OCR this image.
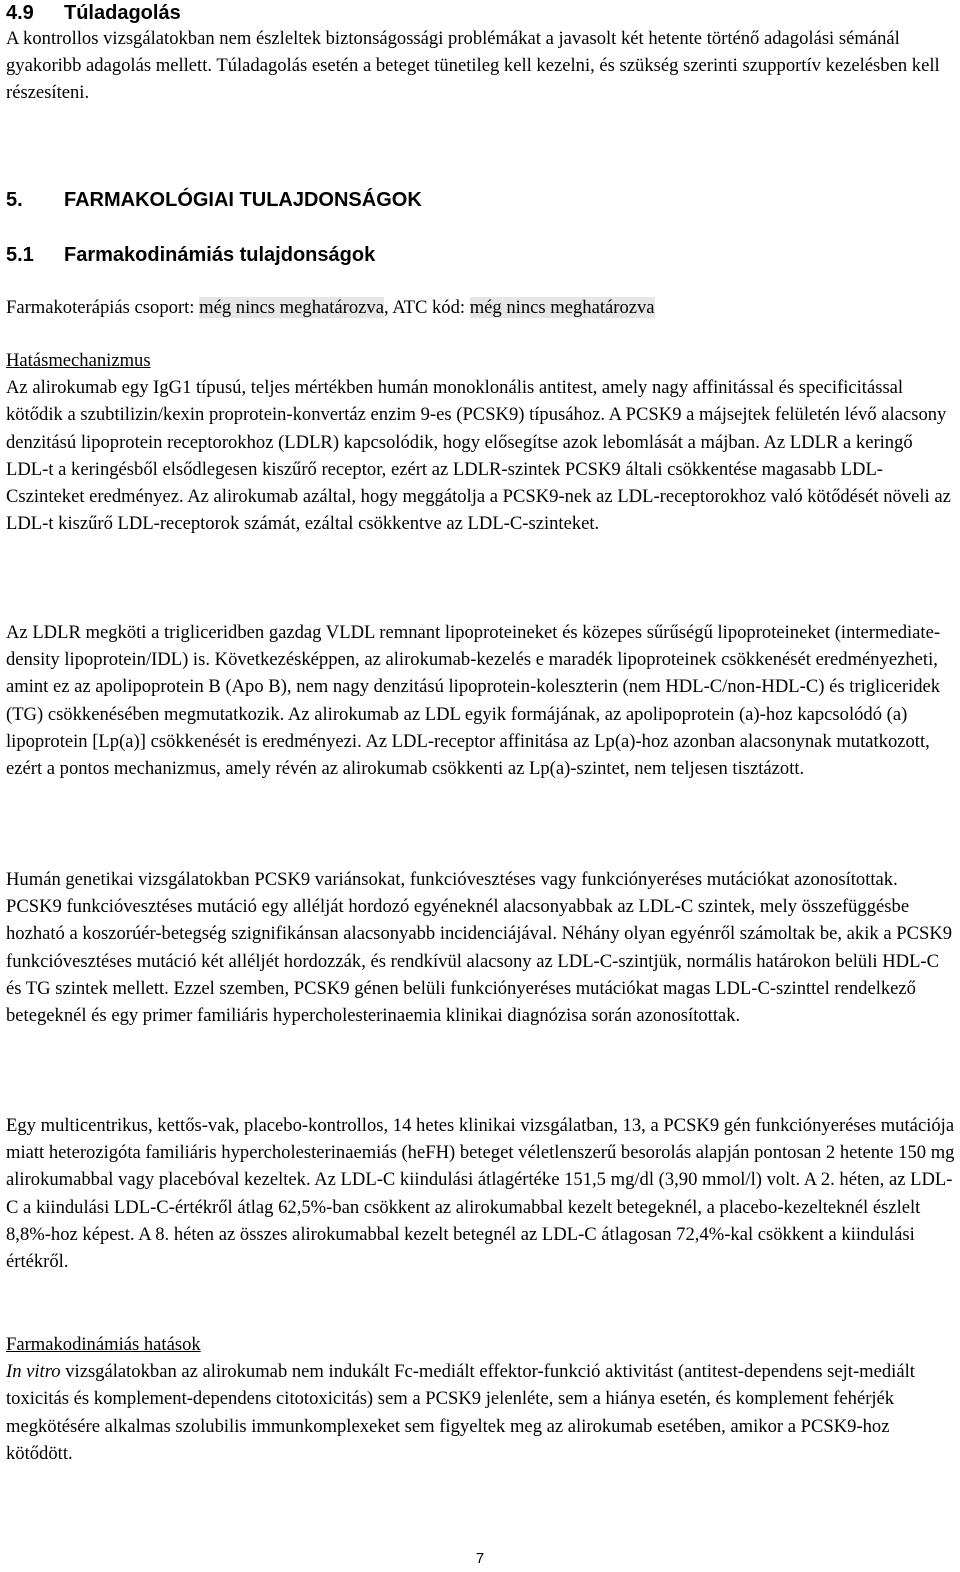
4.9 Túladagolás

A kontrollos vizsgálatokban nem észleltek biztonságossági problémákat a javasolt két hetente történő adagolási sémánál gyakoribb adagolás mellett. Túladagolás esetén a beteget tünetileg kell kezelni, és szükség szerinti szupportív kezelésben kell részesíteni.

5. FARMAKOLÓGIAI TULAJDONSÁGOK
5.1 Farmakodinámiás tulajdonságok

Farmakoterápiás csoport: még nincs meghatározva, ATC kód: még nincs meghatározva

Hatásmechanizmus

Az alirokumab egy IgG1 típusú, teljes mértékben humán monoklonális antitest, amely nagy affinitással és specificitással kötődik a szubtilizin/kexin proprotein-konvertáz enzim 9-es (PCSK9) típusához. A PCSK9 a májsejtek felületén lévő alacsony denzitású lipoprotein receptorokhoz (LDLR) kapcsolódik, hogy elősegítse azok lebomlását a májban. Az LDLR a keringő LDL-t a keringésből elsődlegesen kiszűrő receptor, ezért az LDLR-szintek PCSK9 általi csökkentése magasabb LDL-Cszinteket eredményez. Az alirokumab azáltal, hogy meggátolja a PCSK9-nek az LDL-receptorokhoz való kötődését növeli az LDL-t kiszűrő LDL-receptorok számát, ezáltal csökkentve az LDL-C-szinteket.

Az LDLR megköti a trigliceridben gazdag VLDL remnant lipoproteineket és közepes sűrűségű lipoproteineket (intermediate-density lipoprotein/IDL) is. Következésképpen, az alirokumab-kezelés e maradék lipoproteinek csökkenését eredményezheti, amint ez az apolipoprotein B (Apo B), nem nagy denzitású lipoprotein-koleszterin (nem HDL-C/non-HDL-C) és trigliceridek (TG) csökkenésében megmutatkozik. Az alirokumab az LDL egyik formájának, az apolipoprotein (a)-hoz kapcsolódó (a) lipoprotein [Lp(a)] csökkenését is eredményezi. Az LDL-receptor affinitása az Lp(a)-hoz azonban alacsonynak mutatkozott, ezért a pontos mechanizmus, amely révén az alirokumab csökkenti az Lp(a)-szintet, nem teljesen tisztázott.

Humán genetikai vizsgálatokban PCSK9 variánsokat, funkcióvesztéses vagy funkciónyeréses mutációkat azonosítottak. PCSK9 funkcióvesztéses mutáció egy allélját hordozó egyéneknél alacsonyabbak az LDL-C szintek, mely összefüggésbe hozható a koszorúér-betegség szignifikánsan alacsonyabb incidenciájával. Néhány olyan egyénről számoltak be, akik a PCSK9 funkcióvesztéses mutáció két alléljét hordozzák, és rendkívül alacsony az LDL-C-szintjük, normális határokon belüli HDL-C és TG szintek mellett. Ezzel szemben, PCSK9 génen belüli funkciónyeréses mutációkat magas LDL-C-szinttel rendelkező betegeknél és egy primer familiáris hypercholesterinaemia klinikai diagnózisa során azonosítottak.

Egy multicentrikus, kettős-vak, placebo-kontrollos, 14 hetes klinikai vizsgálatban, 13, a PCSK9 gén funkciónyeréses mutációja miatt heterozigóta familiáris hypercholesterinaemiás (heFH) beteget véletlenszerű besorolás alapján pontosan 2 hetente 150 mg alirokumabbal vagy placebóval kezeltek. Az LDL-C kiindulási átlagértéke 151,5 mg/dl (3,90 mmol/l) volt. A 2. héten, az LDL-C a kiindulási LDL-C-értékről átlag 62,5%-ban csökkent az alirokumabbal kezelt betegeknél, a placebo-kezelteknél észlelt 8,8%-hoz képest. A 8. héten az összes alirokumabbal kezelt betegnél az LDL-C átlagosan 72,4%-kal csökkent a kiindulási értékről.

Farmakodinámiás hatások

In vitro vizsgálatokban az alirokumab nem indukált Fc-mediált effektor-funkció aktivitást (antitest-dependens sejt-mediált toxicitás és komplement-dependens citotoxicitás) sem a PCSK9 jelenléte, sem a hiánya esetén, és komplement fehérjék megkötésére alkalmas szolubilis immunkomplexeket sem figyeltek meg az alirokumab esetében, amikor a PCSK9-hoz kötődött.

7
